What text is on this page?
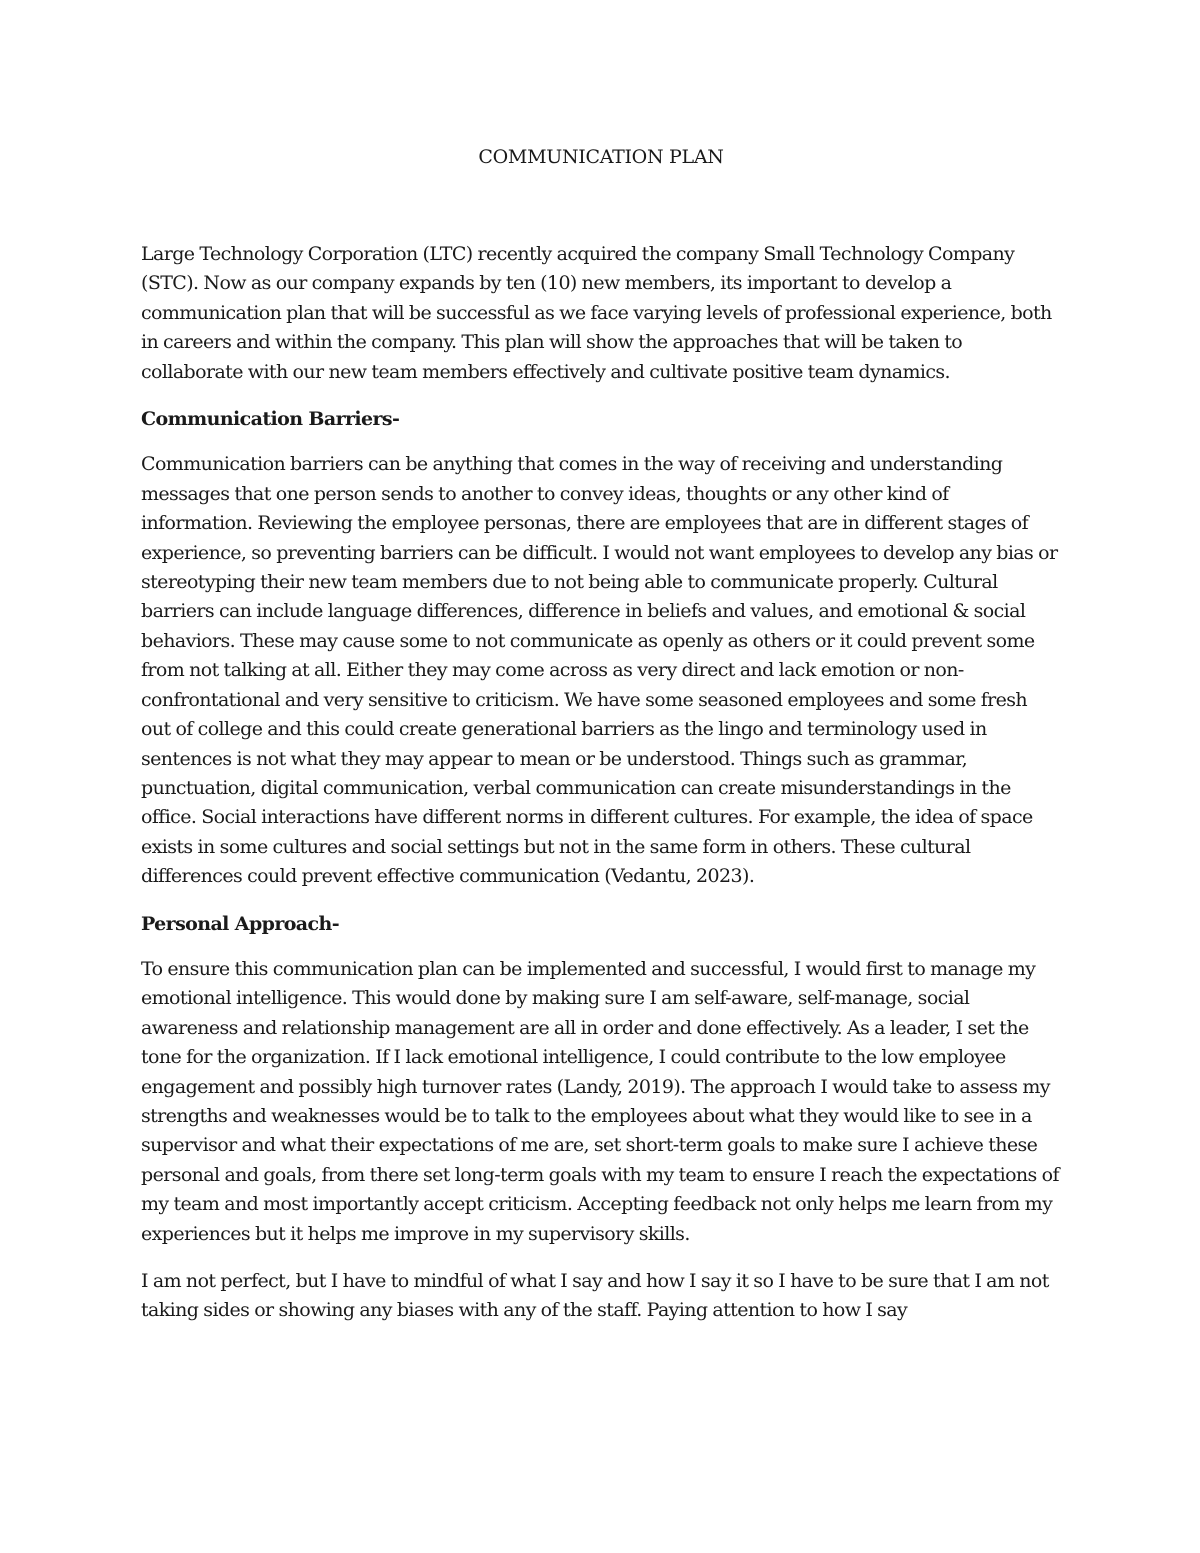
COMMUNICATION PLAN

Large Technology Corporation (LTC) recently acquired the company Small Technology Company (STC). Now as our company expands by ten (10) new members, its important to develop a communication plan that will be successful as we face varying levels of professional experience, both in careers and within the company. This plan will show the approaches that will be taken to collaborate with our new team members effectively and cultivate positive team dynamics.

Communication Barriers-

Communication barriers can be anything that comes in the way of receiving and understanding messages that one person sends to another to convey ideas, thoughts or any other kind of information. Reviewing the employee personas, there are employees that are in different stages of experience, so preventing barriers can be difficult. I would not want employees to develop any bias or stereotyping their new team members due to not being able to communicate properly. Cultural barriers can include language differences, difference in beliefs and values, and emotional & social behaviors. These may cause some to not communicate as openly as others or it could prevent some from not talking at all. Either they may come across as very direct and lack emotion or non-confrontational and very sensitive to criticism. We have some seasoned employees and some fresh out of college and this could create generational barriers as the lingo and terminology used in sentences is not what they may appear to mean or be understood. Things such as grammar, punctuation, digital communication, verbal communication can create misunderstandings in the office. Social interactions have different norms in different cultures. For example, the idea of space exists in some cultures and social settings but not in the same form in others. These cultural differences could prevent effective communication (Vedantu, 2023).

Personal Approach-

To ensure this communication plan can be implemented and successful, I would first to manage my emotional intelligence. This would done by making sure I am self-aware, self-manage, social awareness and relationship management are all in order and done effectively. As a leader, I set the tone for the organization. If I lack emotional intelligence, I could contribute to the low employee engagement and possibly high turnover rates (Landy, 2019). The approach I would take to assess my strengths and weaknesses would be to talk to the employees about what they would like to see in a supervisor and what their expectations of me are, set short-term goals to make sure I achieve these personal and goals, from there set long-term goals with my team to ensure I reach the expectations of my team and most importantly accept criticism. Accepting feedback not only helps me learn from my experiences but it helps me improve in my supervisory skills.

I am not perfect, but I have to mindful of what I say and how I say it so I have to be sure that I am not taking sides or showing any biases with any of the staff. Paying attention to how I say
